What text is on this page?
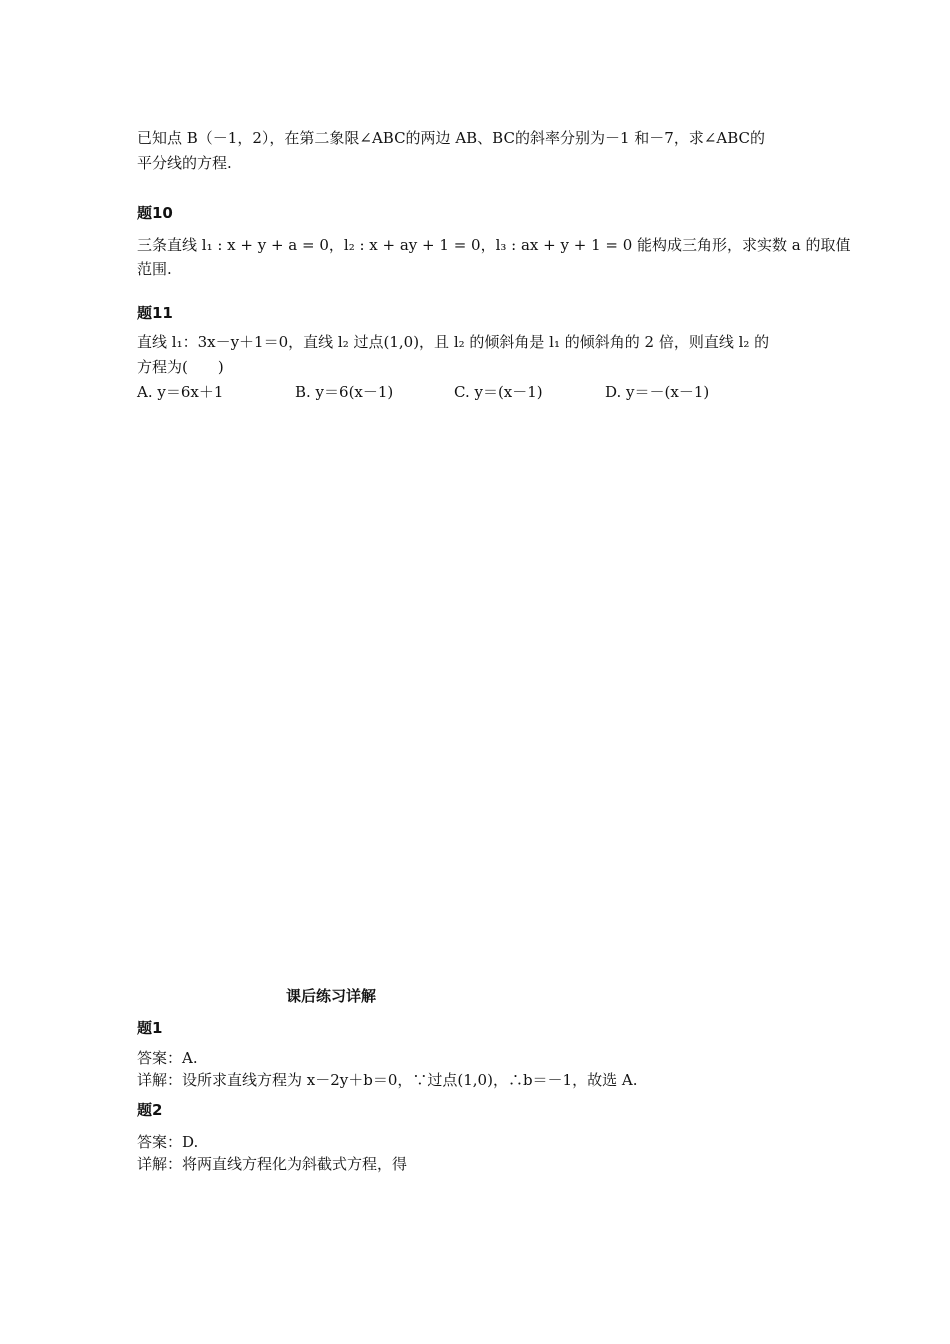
已知点 B（－1，2），在第二象限∠ABC的两边 AB、BC的斜率分别为－1 和－7，求∠ABC的
平分线的方程.
题10
三条直线 l₁ : x + y + a = 0，l₂ : x + ay + 1 = 0，l₃ : ax + y + 1 = 0 能构成三角形，求实数 a 的取值
范围.
题11
直线 l₁：3x－y＋1＝0，直线 l₂ 过点(1,0)，且 l₂ 的倾斜角是 l₁ 的倾斜角的 2 倍，则直线 l₂ 的
方程为(　　)
A. y＝6x＋1	B. y＝6(x－1)	C. y＝(x－1)	D. y＝－(x－1)
课后练习详解
题1
答案：A.
详解：设所求直线方程为 x－2y＋b＝0，∵过点(1,0)，∴b＝－1，故选 A.
题2
答案：D.
详解：将两直线方程化为斜截式方程，得
